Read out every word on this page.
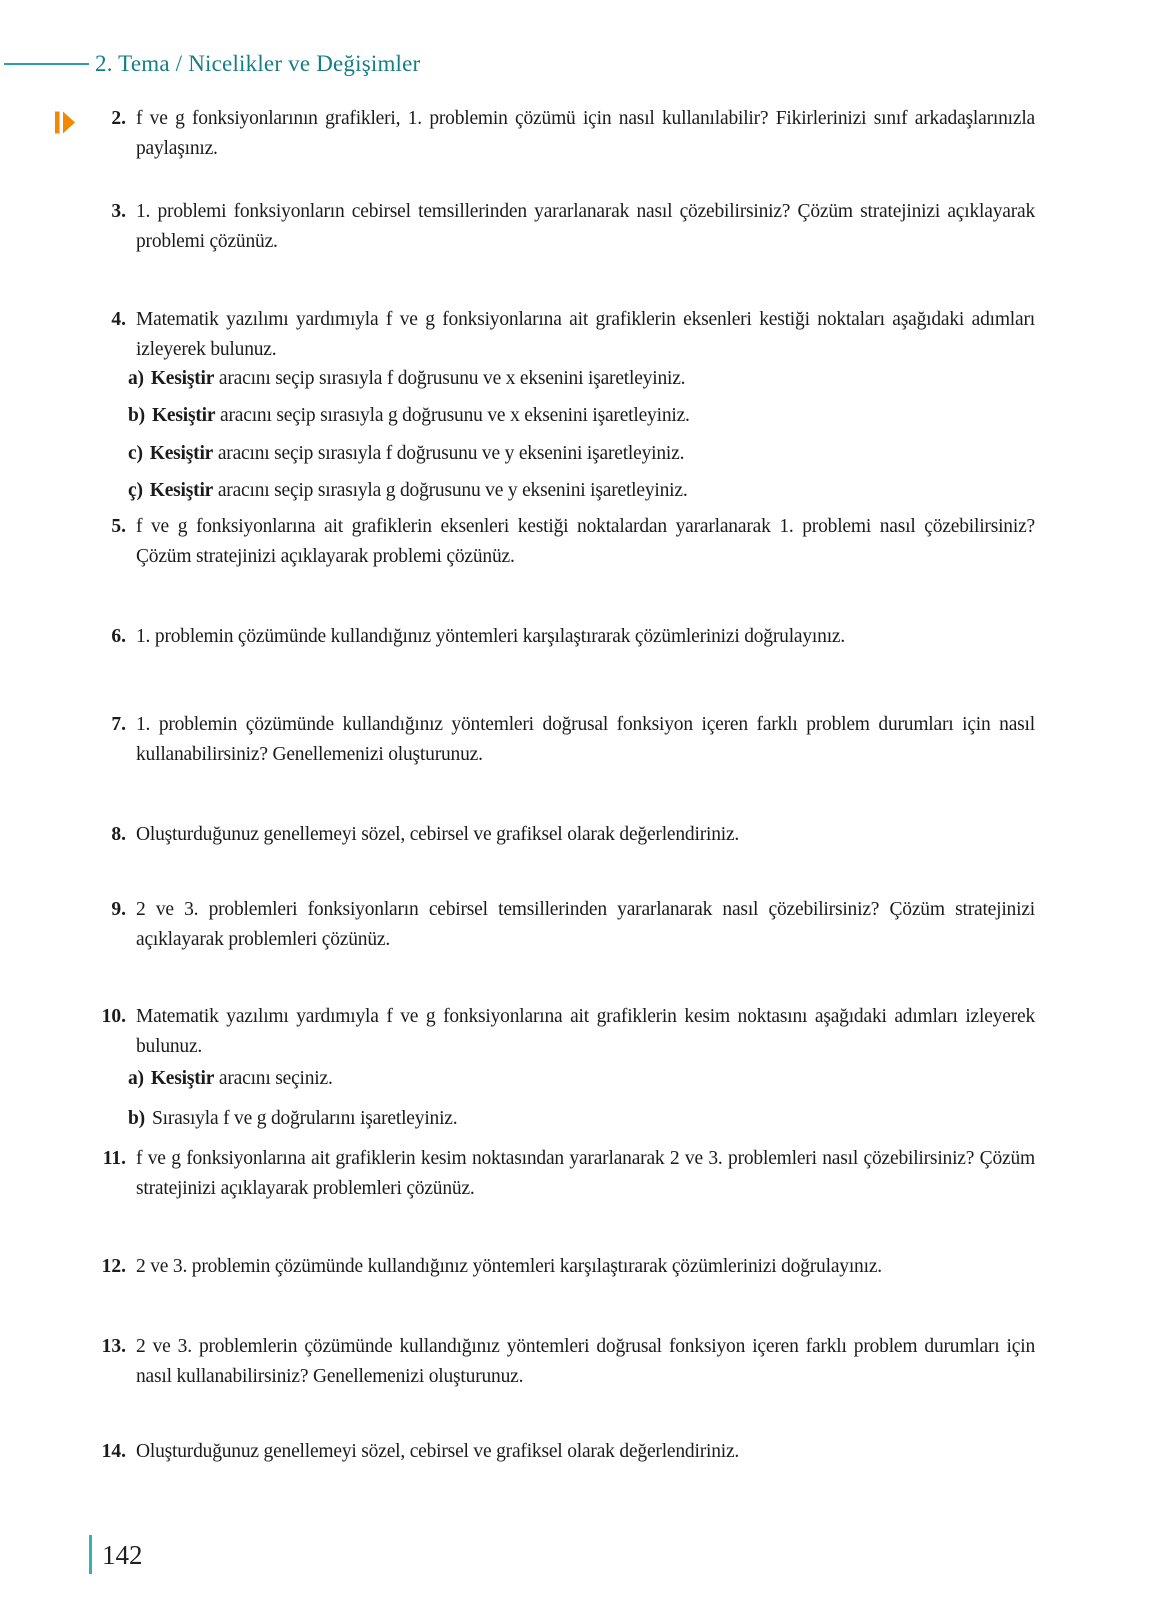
2. Tema / Nicelikler ve Değişimler
2. f ve g fonksiyonlarının grafikleri, 1. problemin çözümü için nasıl kullanılabilir? Fikirlerinizi sınıf arkadaşlarınızla paylaşınız.
3. 1. problemi fonksiyonların cebirsel temsillerinden yararlanarak nasıl çözebilirsiniz? Çözüm stratejinizi açıklayarak problemi çözünüz.
4. Matematik yazılımı yardımıyla f ve g fonksiyonlarına ait grafiklerin eksenleri kestiği noktaları aşağıdaki adımları izleyerek bulunuz.
a) Kesiştir aracını seçip sırasıyla f doğrusunu ve x eksenini işaretleyiniz.
b) Kesiştir aracını seçip sırasıyla g doğrusunu ve x eksenini işaretleyiniz.
c) Kesiştir aracını seçip sırasıyla f doğrusunu ve y eksenini işaretleyiniz.
ç) Kesiştir aracını seçip sırasıyla g doğrusunu ve y eksenini işaretleyiniz.
5. f ve g fonksiyonlarına ait grafiklerin eksenleri kestiği noktalardan yararlanarak 1. problemi nasıl çözebilirsiniz? Çözüm stratejinizi açıklayarak problemi çözünüz.
6. 1. problemin çözümünde kullandığınız yöntemleri karşılaştırarak çözümlerinizi doğrulayınız.
7. 1. problemin çözümünde kullandığınız yöntemleri doğrusal fonksiyon içeren farklı problem durumları için nasıl kullanabilirsiniz? Genellemenizi oluşturunuz.
8. Oluşturduğunuz genellemeyi sözel, cebirsel ve grafiksel olarak değerlendiriniz.
9. 2 ve 3. problemleri fonksiyonların cebirsel temsillerinden yararlanarak nasıl çözebilirsiniz? Çözüm stratejinizi açıklayarak problemleri çözünüz.
10. Matematik yazılımı yardımıyla f ve g fonksiyonlarına ait grafiklerin kesim noktasını aşağıdaki adımları izleyerek bulunuz.
a) Kesiştir aracını seçiniz.
b) Sırasıyla f ve g doğrularını işaretleyiniz.
11. f ve g fonksiyonlarına ait grafiklerin kesim noktasından yararlanarak 2 ve 3. problemleri nasıl çözebilirsiniz? Çözüm stratejinizi açıklayarak problemleri çözünüz.
12. 2 ve 3. problemin çözümünde kullandığınız yöntemleri karşılaştırarak çözümlerinizi doğrulayınız.
13. 2 ve 3. problemlerin çözümünde kullandığınız yöntemleri doğrusal fonksiyon içeren farklı problem durumları için nasıl kullanabilirsiniz? Genellemenizi oluşturunuz.
14. Oluşturduğunuz genellemeyi sözel, cebirsel ve grafiksel olarak değerlendiriniz.
142
